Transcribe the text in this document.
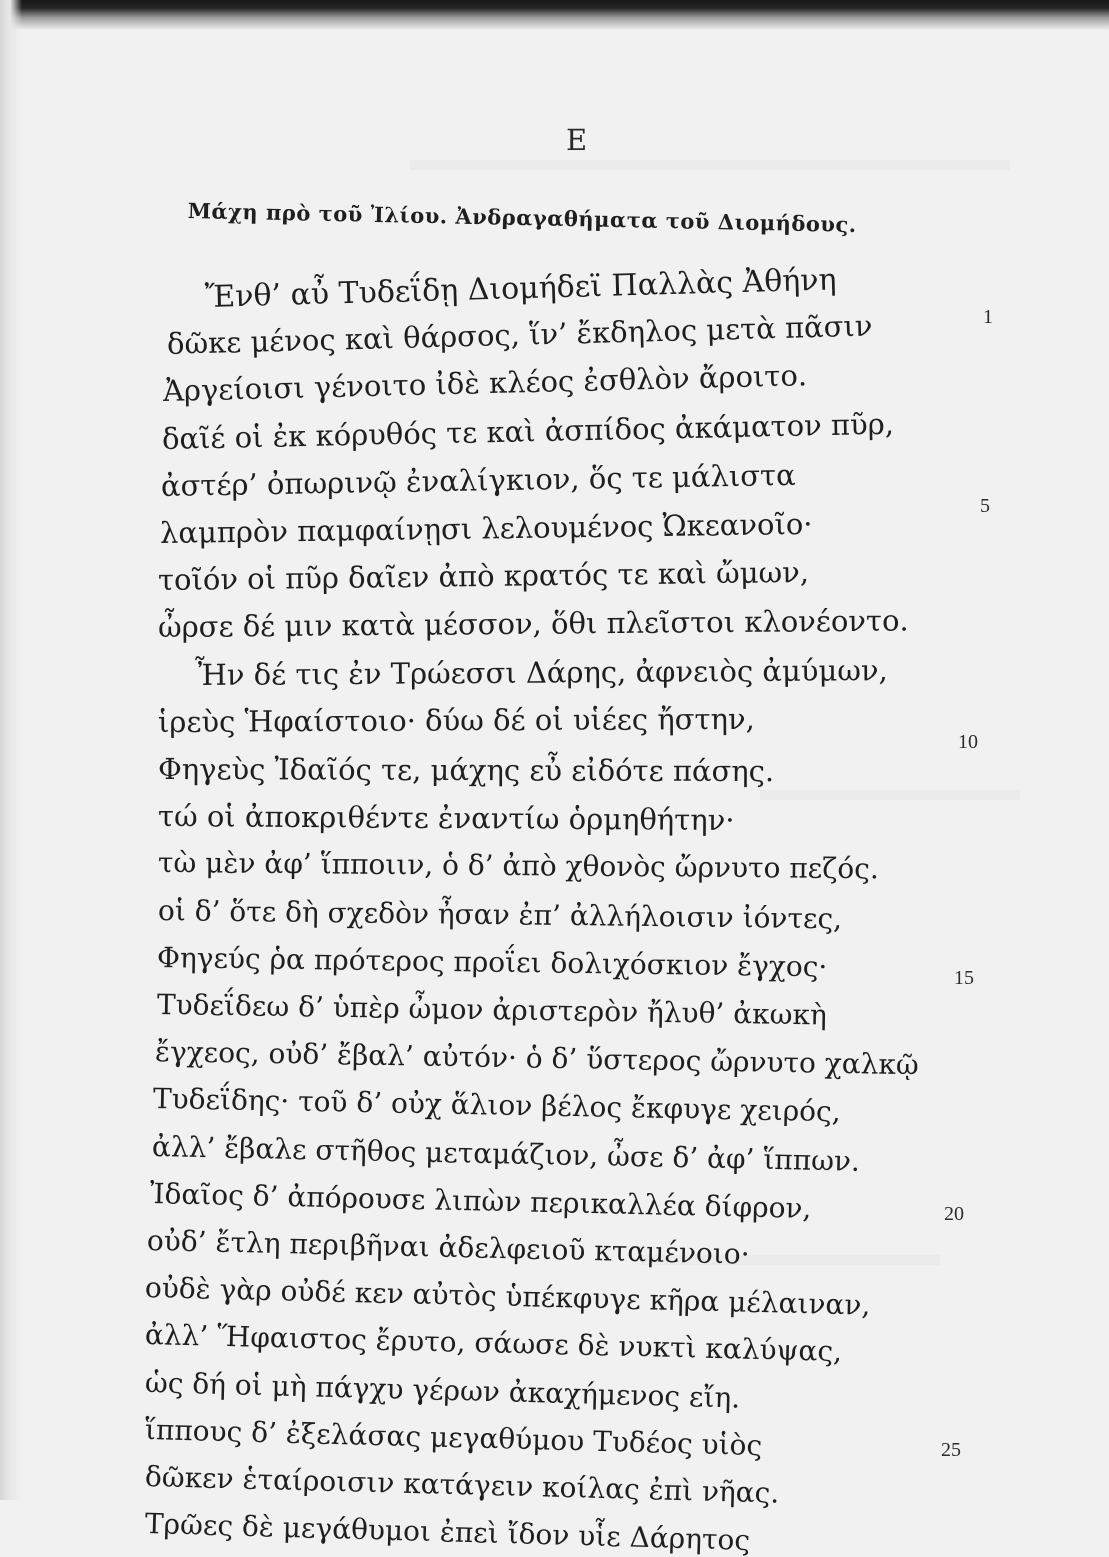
E
Μάχη πρὸ τοῦ Ἰλίου. Ἀνδραγαθήματα τοῦ Διομήδους.
Ἔνθ’ αὖ Τυδεΐδῃ Διομήδεϊ Παλλὰς Ἀθήνη
δῶκε μένος καὶ θάρσος, ἵν’ ἔκδηλος μετὰ πᾶσιν
Ἀργείοισι γένοιτο ἰδὲ κλέος ἐσθλὸν ἄροιτο.
δαῖέ οἱ ἐκ κόρυθός τε καὶ ἀσπίδος ἀκάματον πῦρ,
ἀστέρ’ ὀπωρινῷ ἐναλίγκιον, ὅς τε μάλιστα
λαμπρὸν παμφαίνῃσι λελουμένος Ὠκεανοῖο·
τοῖόν οἱ πῦρ δαῖεν ἀπὸ κρατός τε καὶ ὤμων,
ὦρσε δέ μιν κατὰ μέσσον, ὅθι πλεῖστοι κλονέοντο.
Ἦν δέ τις ἐν Τρώεσσι Δάρης, ἀφνειὸς ἀμύμων,
ἱρεὺς Ἡφαίστοιο· δύω δέ οἱ υἱέες ἤστην,
Φηγεὺς Ἰδαῖός τε, μάχης εὖ εἰδότε πάσης.
τώ οἱ ἀποκριθέντε ἐναντίω ὁρμηθήτην·
τὼ μὲν ἀφ’ ἵπποιιν, ὁ δ’ ἀπὸ χθονὸς ὤρνυτο πεζός.
οἱ δ’ ὅτε δὴ σχεδὸν ἦσαν ἐπ’ ἀλλήλοισιν ἰόντες,
Φηγεύς ῥα πρότερος προΐει δολιχόσκιον ἔγχος·
Τυδεΐδεω δ’ ὑπὲρ ὦμον ἀριστερὸν ἤλυθ’ ἀκωκὴ
ἔγχεος, οὐδ’ ἔβαλ’ αὐτόν· ὁ δ’ ὕστερος ὤρνυτο χαλκῷ
Τυδεΐδης· τοῦ δ’ οὐχ ἅλιον βέλος ἔκφυγε χειρός,
ἀλλ’ ἔβαλε στῆθος μεταμάζιον, ὦσε δ’ ἀφ’ ἵππων.
Ἰδαῖος δ’ ἀπόρουσε λιπὼν περικαλλέα δίφρον,
οὐδ’ ἔτλη περιβῆναι ἀδελφειοῦ κταμένοιο·
οὐδὲ γὰρ οὐδέ κεν αὐτὸς ὑπέκφυγε κῆρα μέλαιναν,
ἀλλ’ Ἥφαιστος ἔρυτο, σάωσε δὲ νυκτὶ καλύψας,
ὡς δή οἱ μὴ πάγχυ γέρων ἀκαχήμενος εἴη.
ἵππους δ’ ἐξελάσας μεγαθύμου Τυδέος υἱὸς
δῶκεν ἑταίροισιν κατάγειν κοίλας ἐπὶ νῆας.
Τρῶες δὲ μεγάθυμοι ἐπεὶ ἴδον υἷε Δάρητος
1
5
10
15
20
25
